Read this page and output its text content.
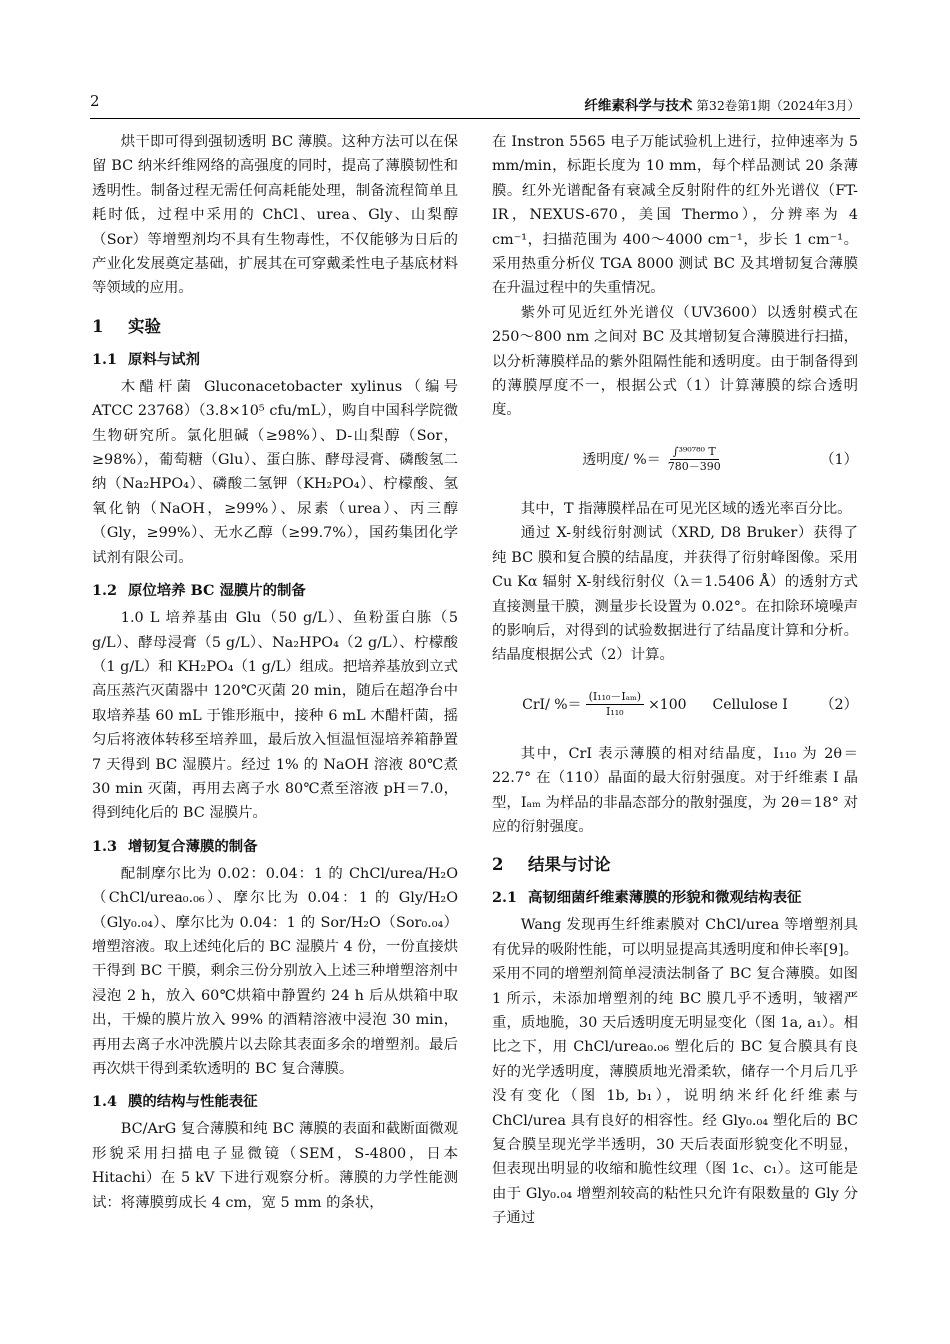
2	纤维素科学与技术 第32卷第1期（2024年3月）

烘干即可得到强韧透明 BC 薄膜。这种方法可以在保留 BC 纳米纤维网络的高强度的同时，提高了薄膜韧性和透明性。制备过程无需任何高耗能处理，制备流程简单且耗时低，过程中采用的 ChCl、urea、Gly、山梨醇（Sor）等增塑剂均不具有生物毒性，不仅能够为日后的产业化发展奠定基础，扩展其在可穿戴柔性电子基底材料等领域的应用。

1 实验
1.1 原料与试剂

木醋杆菌 Gluconacetobacter xylinus（编号 ATCC 23768）（3.8×10⁵ cfu/mL），购自中国科学院微生物研究所。氯化胆碱（≥98%）、D-山梨醇（Sor，≥98%），葡萄糖（Glu）、蛋白胨、酵母浸膏、磷酸氢二纳（Na₂HPO₄）、磷酸二氢钾（KH₂PO₄）、柠檬酸、氢氧化钠（NaOH，≥99%）、尿素（urea）、丙三醇（Gly，≥99%）、无水乙醇（≥99.7%），国药集团化学试剂有限公司。

1.2 原位培养 BC 湿膜片的制备

1.0 L 培养基由 Glu（50 g/L）、鱼粉蛋白胨（5 g/L）、酵母浸膏（5 g/L）、Na₂HPO₄（2 g/L）、柠檬酸（1 g/L）和 KH₂PO₄（1 g/L）组成。把培养基放到立式高压蒸汽灭菌器中 120℃灭菌 20 min，随后在超净台中取培养基 60 mL 于锥形瓶中，接种 6 mL 木醋杆菌，摇匀后将液体转移至培养皿，最后放入恒温恒湿培养箱静置 7 天得到 BC 湿膜片。经过 1% 的 NaOH 溶液 80℃煮 30 min 灭菌，再用去离子水 80℃煮至溶液 pH＝7.0，得到纯化后的 BC 湿膜片。

1.3 增韧复合薄膜的制备

配制摩尔比为 0.02：0.04：1 的 ChCl/urea/H₂O（ChCl/urea₀.₀₆）、摩尔比为 0.04：1 的 Gly/H₂O（Gly₀.₀₄）、摩尔比为 0.04：1 的 Sor/H₂O（Sor₀.₀₄）增塑溶液。取上述纯化后的 BC 湿膜片 4 份，一份直接烘干得到 BC 干膜，剩余三份分别放入上述三种增塑溶剂中浸泡 2 h，放入 60℃烘箱中静置约 24 h 后从烘箱中取出，干燥的膜片放入 99% 的酒精溶液中浸泡 30 min，再用去离子水冲洗膜片以去除其表面多余的增塑剂。最后再次烘干得到柔软透明的 BC 复合薄膜。

1.4 膜的结构与性能表征

BC/ArG 复合薄膜和纯 BC 薄膜的表面和截断面微观形貌采用扫描电子显微镜（SEM，S-4800，日本 Hitachi）在 5 kV 下进行观察分析。薄膜的力学性能测试：将薄膜剪成长 4 cm，宽 5 mm 的条状，

在 Instron 5565 电子万能试验机上进行，拉伸速率为 5 mm/min，标距长度为 10 mm，每个样品测试 20 条薄膜。红外光谱配备有衰减全反射附件的红外光谱仪（FT-IR，NEXUS-670，美国 Thermo），分辨率为 4 cm⁻¹，扫描范围为 400～4000 cm⁻¹，步长 1 cm⁻¹。采用热重分析仪 TGA 8000 测试 BC 及其增韧复合薄膜在升温过程中的失重情况。

紫外可见近红外光谱仪（UV3600）以透射模式在 250～800 nm 之间对 BC 及其增韧复合薄膜进行扫描，以分析薄膜样品的紫外阻隔性能和透明度。由于制备得到的薄膜厚度不一，根据公式（1）计算薄膜的综合透明度。

透明度/ %＝ $\frac{\text{∫³⁹⁰⁷⁸⁰ T}}{780-390}$	（1）

其中，T 指薄膜样品在可见光区域的透光率百分比。

通过 X-射线衍射测试（XRD, D8 Bruker）获得了纯 BC 膜和复合膜的结晶度，并获得了衍射峰图像。采用 Cu Kα 辐射 X-射线衍射仪（λ＝1.5406 Å）的透射方式直接测量干膜，测量步长设置为 0.02°。在扣除环境噪声的影响后，对得到的试验数据进行了结晶度计算和分析。结晶度根据公式（2）计算。

CrI/ %＝ $\frac{\text{(I₁₁₀－Iₐₘ)}}{\text{I₁₁₀}} \times 100$ Cellulose I （2）

其中，CrI 表示薄膜的相对结晶度，I₁₁₀ 为 2θ＝22.7° 在（110）晶面的最大衍射强度。对于纤维素 I 晶型，Iₐₘ 为样品的非晶态部分的散射强度，为 2θ＝18° 对应的衍射强度。

2 结果与讨论
2.1 高韧细菌纤维素薄膜的形貌和微观结构表征

Wang 发现再生纤维素膜对 ChCl/urea 等增塑剂具有优异的吸附性能，可以明显提高其透明度和伸长率[9]。采用不同的增塑剂简单浸渍法制备了 BC 复合薄膜。如图 1 所示，未添加增塑剂的纯 BC 膜几乎不透明，皱褶严重，质地脆，30 天后透明度无明显变化（图 1a, a₁）。相比之下，用 ChCl/urea₀.₀₆ 塑化后的 BC 复合膜具有良好的光学透明度，薄膜质地光滑柔软，储存一个月后几乎没有变化（图 1b, b₁），说明纳米纤化纤维素与 ChCl/urea 具有良好的相容性。经 Gly₀.₀₄ 塑化后的 BC 复合膜呈现光学半透明，30 天后表面形貌变化不明显，但表现出明显的收缩和脆性纹理（图 1c、c₁）。这可能是由于 Gly₀.₀₄ 增塑剂较高的粘性只允许有限数量的 Gly 分子通过
